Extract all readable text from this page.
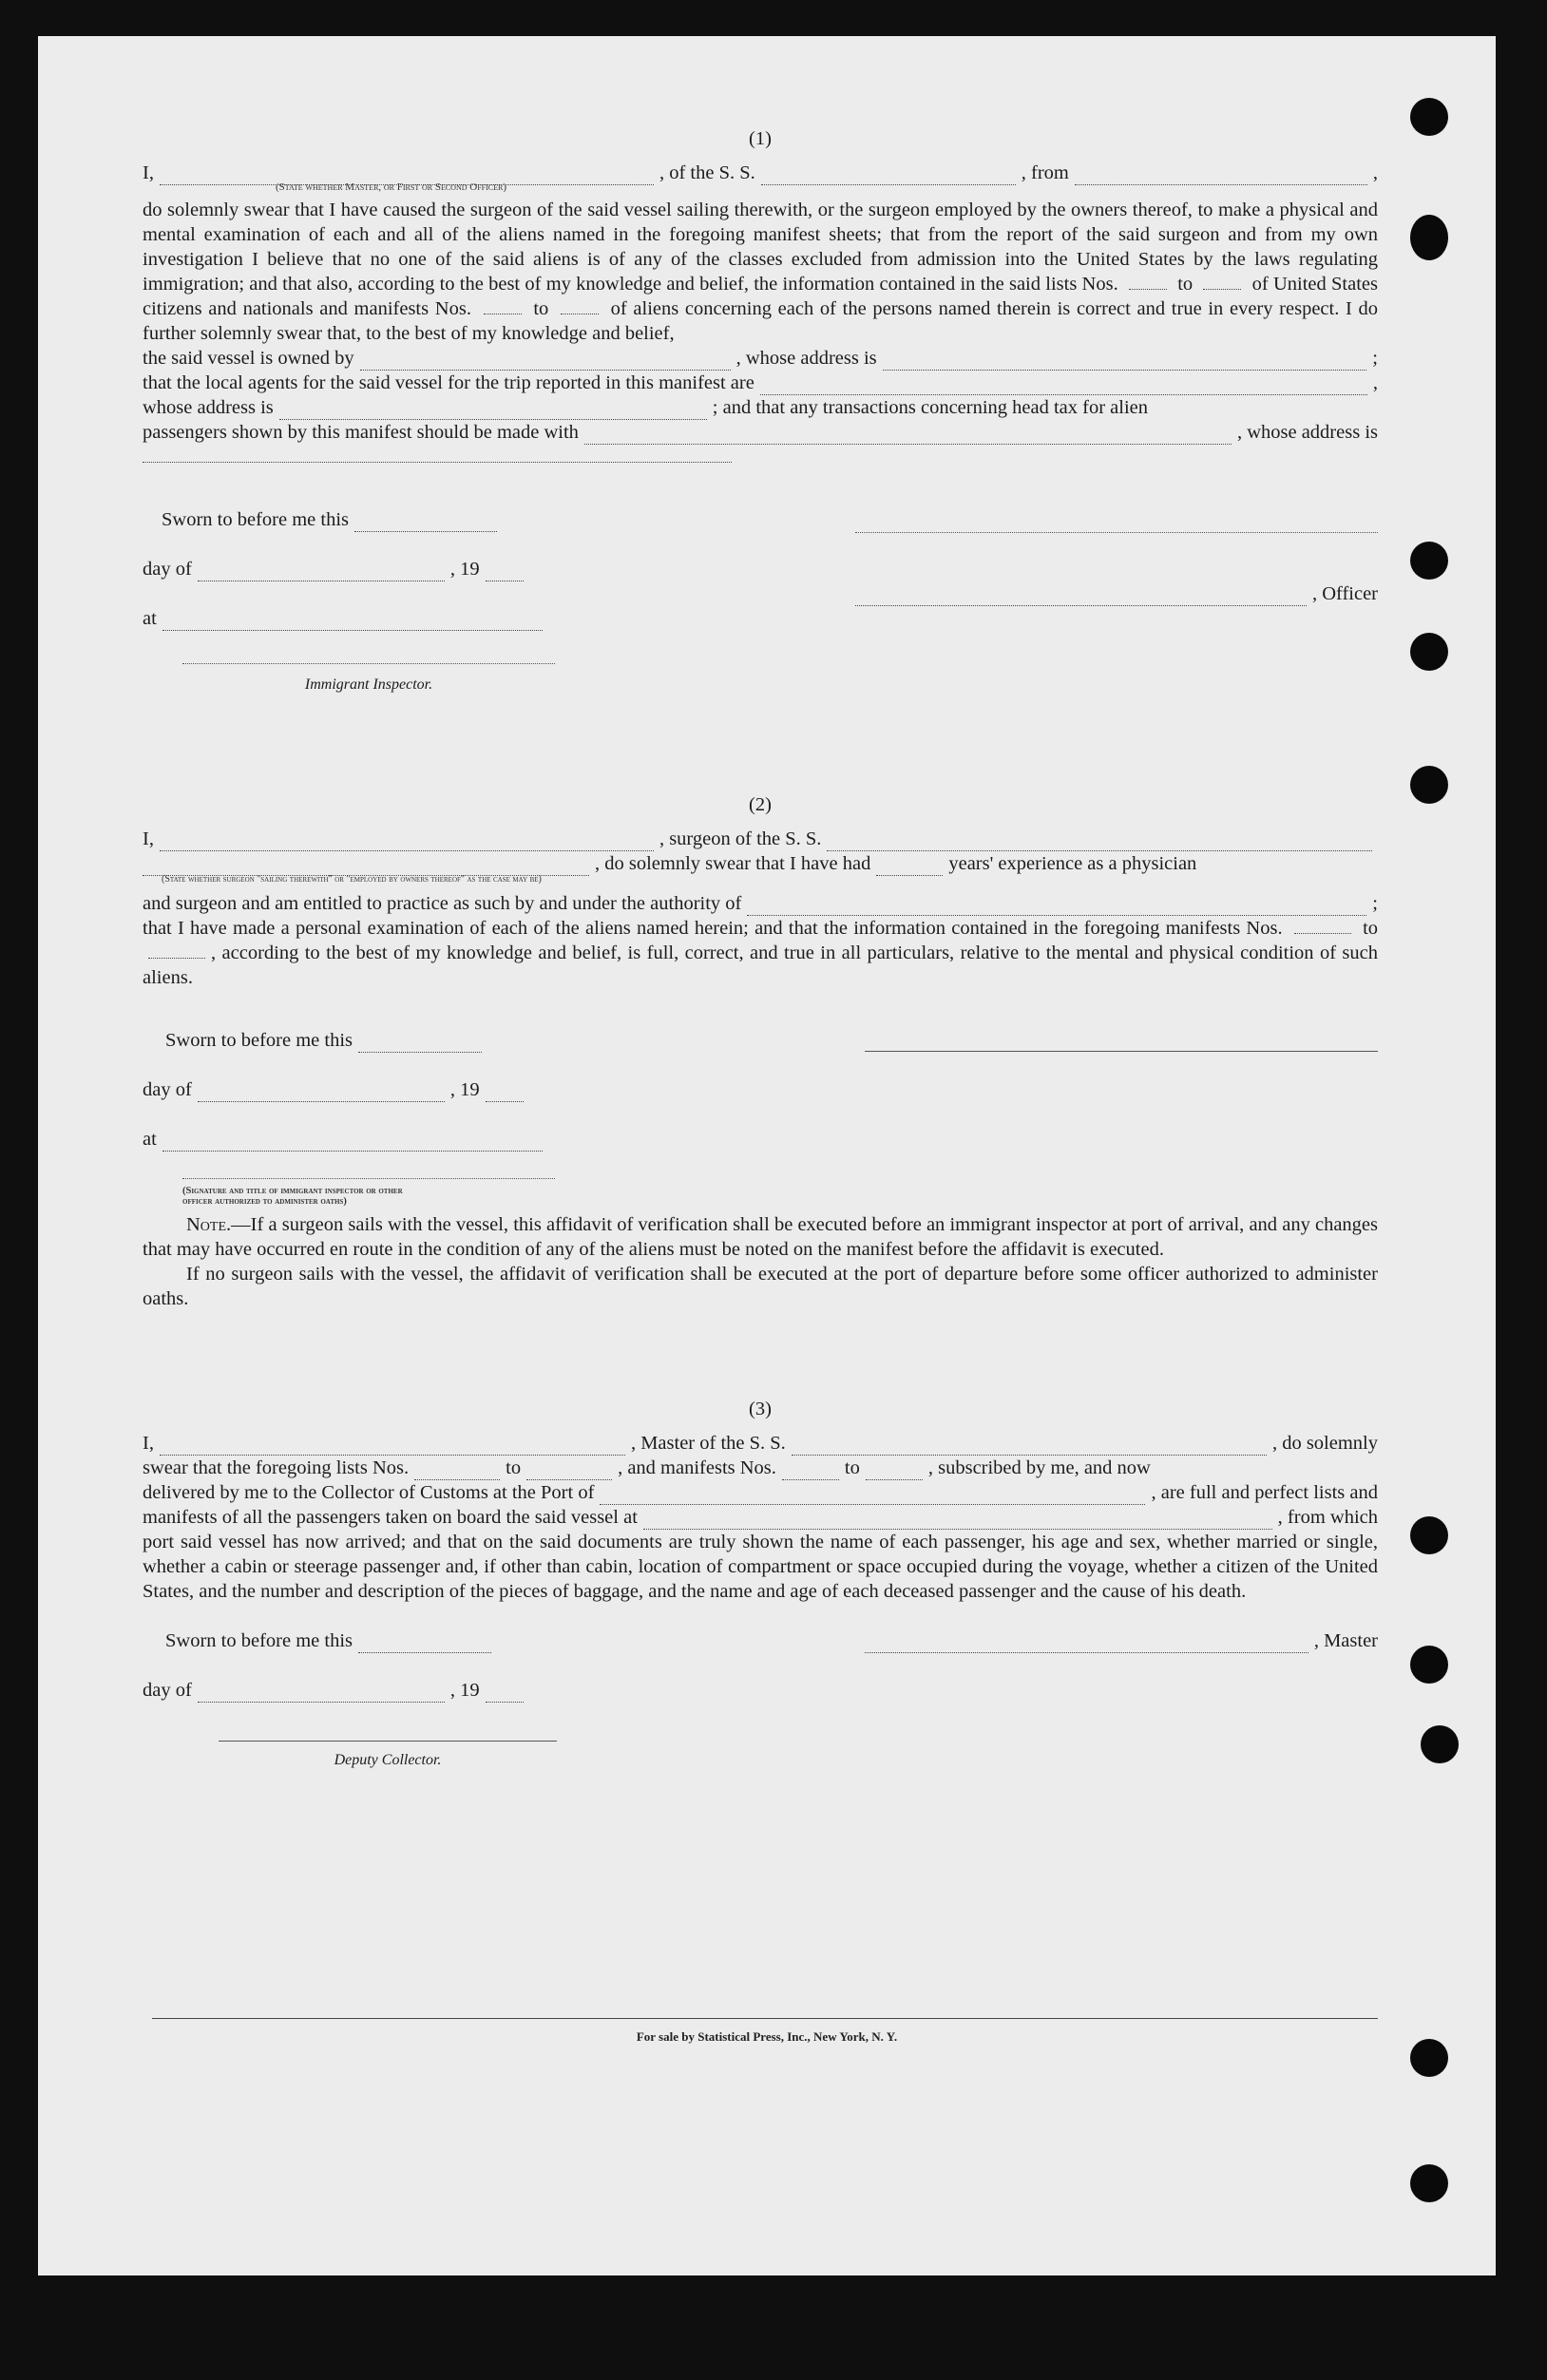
(1)
I,	, of the S. S.	, from	,
(State whether Master, or First or Second Officer)

do solemnly swear that I have caused the surgeon of the said vessel sailing therewith, or the surgeon employed by the owners thereof, to make a physical and mental examination of each and all of the aliens named in the foregoing manifest sheets; that from the report of the said surgeon and from my own investigation I believe that no one of the said aliens is of any of the classes excluded from admission into the United States by the laws regulating immigration; and that also, according to the best of my knowledge and belief, the information contained in the said lists Nos.	to	of United States citizens and nationals and manifests Nos.	to	of aliens concerning each of the persons named therein is correct and true in every respect. I do further solemnly swear that, to the best of my knowledge and belief,

the said vessel is owned by	, whose address is	;
that the local agents for the said vessel for the trip reported in this manifest are	,
whose address is	; and that any transactions concerning head tax for alien
passengers shown by this manifest should be made with	, whose address is
Sworn to before me this
day of	, 19
, Officer
at
Immigrant Inspector.
(2)
I,	, surgeon of the S. S.
, do solemnly swear that I have had	years' experience as a physician
(State whether surgeon "sailing therewith" or "employed by owners thereof" as the case may be)
and surgeon and am entitled to practice as such by and under the authority of	;

that I have made a personal examination of each of the aliens named herein; and that the information contained in the foregoing manifests Nos.	to , according to the best of my knowledge and belief, is full, correct, and true in all particulars, relative to the mental and physical condition of such aliens.

Sworn to before me this
day of	, 19
at
(Signature and title of immigrant inspector or other officer authorized to administer oaths)

Note.—If a surgeon sails with the vessel, this affidavit of verification shall be executed before an immigrant inspector at port of arrival, and any changes that may have occurred en route in the condition of any of the aliens must be noted on the manifest before the affidavit is executed.

If no surgeon sails with the vessel, the affidavit of verification shall be executed at the port of departure before some officer authorized to administer oaths.

(3)
I,	, Master of the S. S.	, do solemnly
swear that the foregoing lists Nos.	to	, and manifests Nos.	to	, subscribed by me, and now
delivered by me to the Collector of Customs at the Port of	, are full and perfect lists and
manifests of all the passengers taken on board the said vessel at	, from which

port said vessel has now arrived; and that on the said documents are truly shown the name of each passenger, his age and sex, whether married or single, whether a cabin or steerage passenger and, if other than cabin, location of compartment or space occupied during the voyage, whether a citizen of the United States, and the number and description of the pieces of baggage, and the name and age of each deceased passenger and the cause of his death.

Sworn to before me this	, Master
day of	, 19
Deputy Collector.
For sale by Statistical Press, Inc., New York, N. Y.
